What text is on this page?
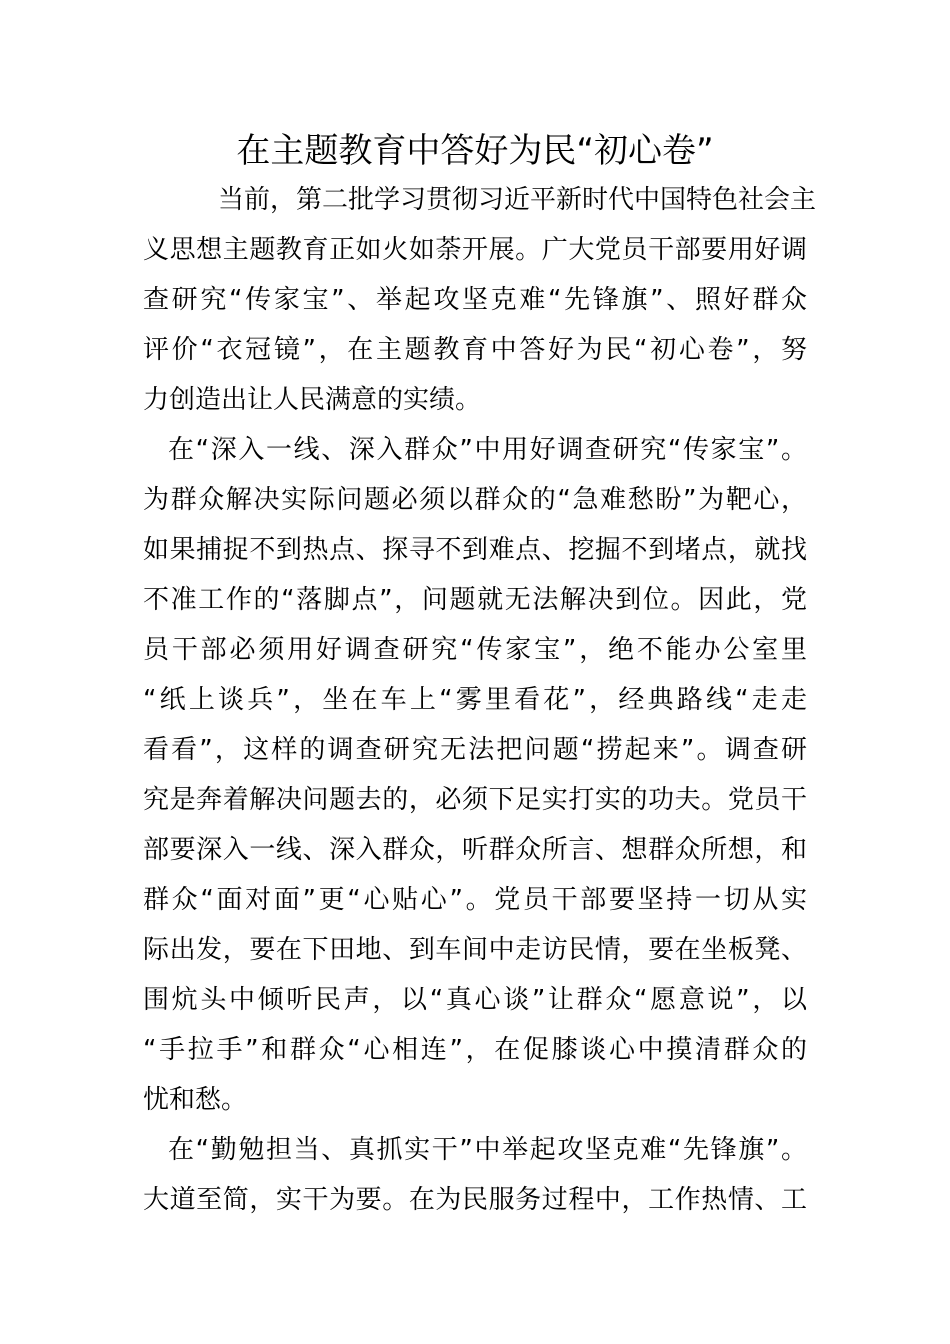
在主题教育中答好为民“初心卷”

当前，第二批学习贯彻习近平新时代中国特色社会主

义思想主题教育正如火如荼开展。广大党员干部要用好调

查研究“传家宝”、举起攻坚克难“先锋旗”、照好群众

评价“衣冠镜”，在主题教育中答好为民“初心卷”，努

力创造出让人民满意的实绩。

在“深入一线、深入群众”中用好调查研究“传家宝”。

为群众解决实际问题必须以群众的“急难愁盼”为靶心，

如果捕捉不到热点、探寻不到难点、挖掘不到堵点，就找

不准工作的“落脚点”，问题就无法解决到位。因此，党

员干部必须用好调查研究“传家宝”，绝不能办公室里

“纸上谈兵”，坐在车上“雾里看花”，经典路线“走走

看看”，这样的调查研究无法把问题“捞起来”。调查研

究是奔着解决问题去的，必须下足实打实的功夫。党员干

部要深入一线、深入群众，听群众所言、想群众所想，和

群众“面对面”更“心贴心”。党员干部要坚持一切从实

际出发，要在下田地、到车间中走访民情，要在坐板凳、

围炕头中倾听民声，以“真心谈”让群众“愿意说”，以

“手拉手”和群众“心相连”，在促膝谈心中摸清群众的

忧和愁。

在“勤勉担当、真抓实干”中举起攻坚克难“先锋旗”。

大道至简，实干为要。在为民服务过程中，工作热情、工
